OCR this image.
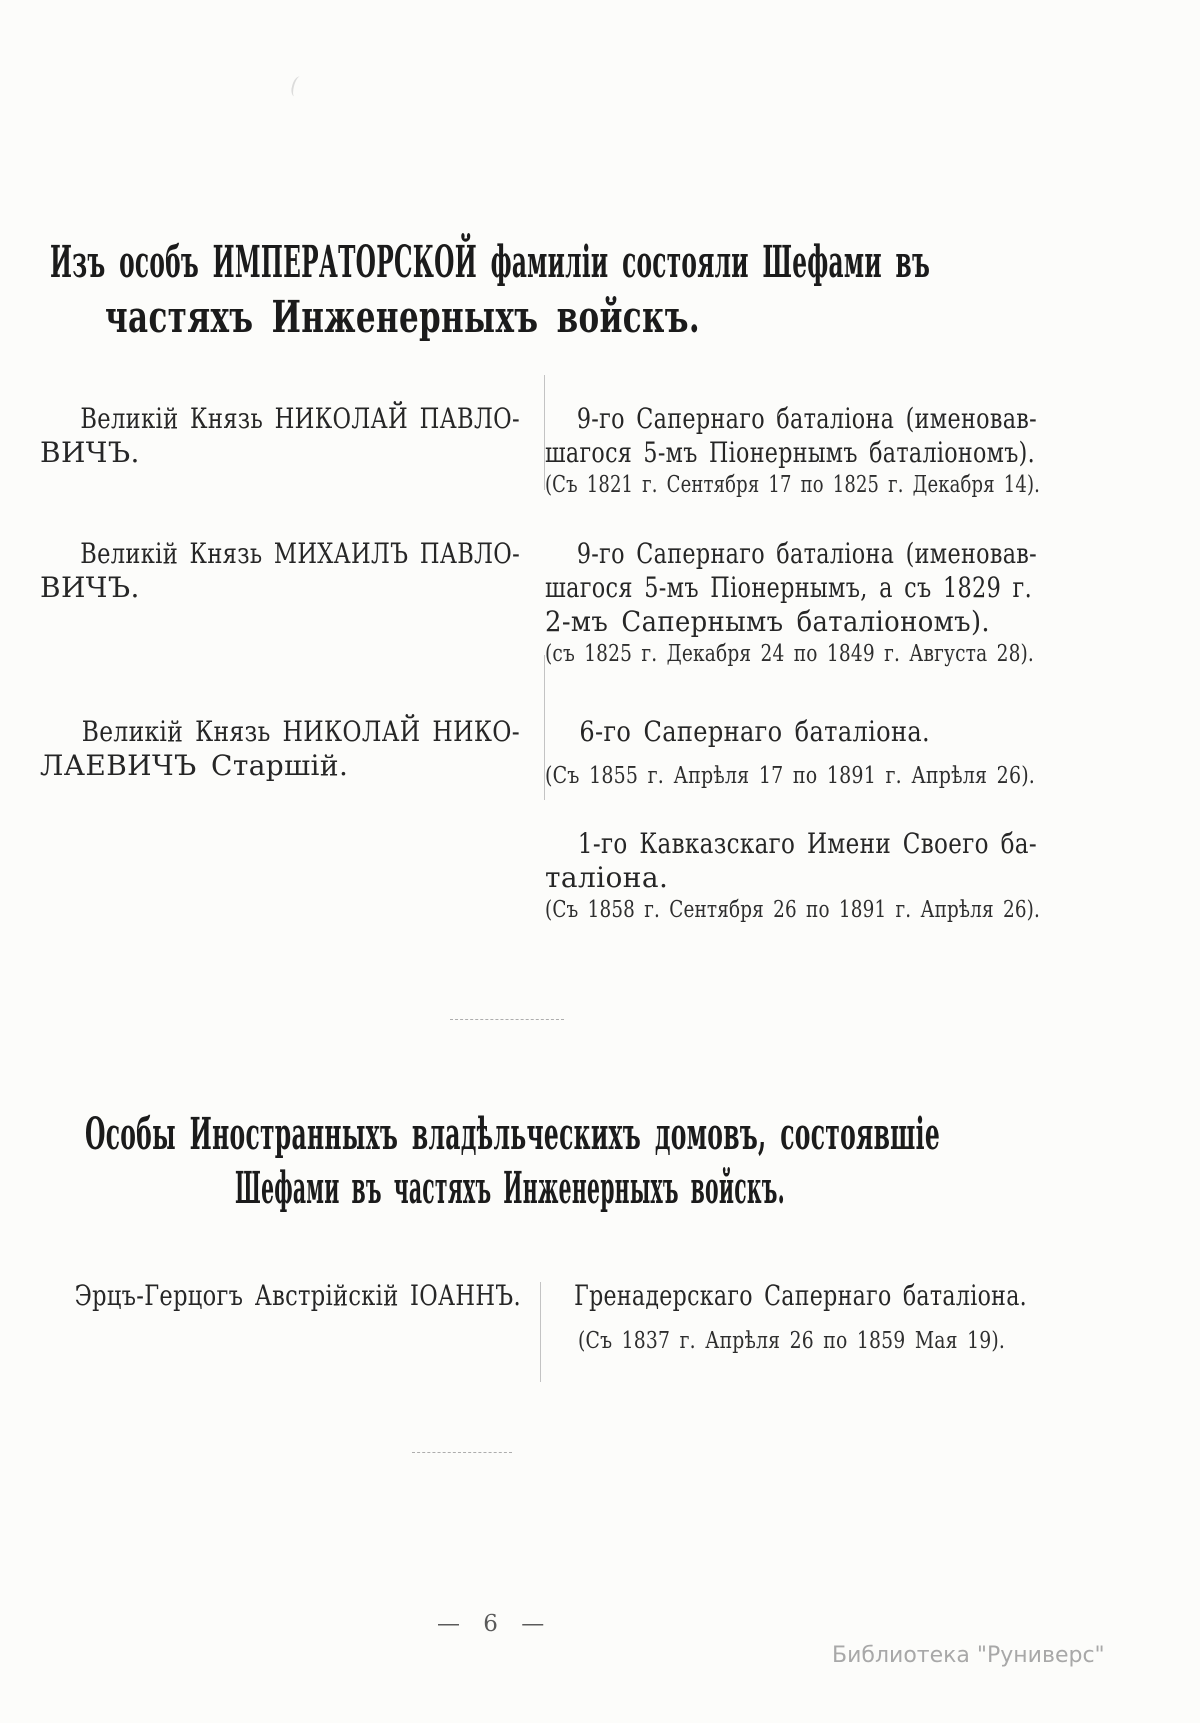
Изъ особъ ИМПЕРАТОРСКОЙ фамиліи состояли Шефами въ
частяхъ Инженерныхъ войскъ.
Великій Князь НИКОЛАЙ ПАВЛО-
ВИЧЪ.
9-го Сапернаго баталіона (именовав-
шагося 5-мъ Піонернымъ баталіономъ).
(Съ 1821 г. Сентября 17 по 1825 г. Декабря 14).
Великій Князь МИХАИЛЪ ПАВЛО-
ВИЧЪ.
9-го Сапернаго баталіона (именовав-
шагося 5-мъ Піонернымъ, а съ 1829 г.
2-мъ Сапернымъ баталіономъ).
(съ 1825 г. Декабря 24 по 1849 г. Августа 28).
Великій Князь НИКОЛАЙ НИКО-
ЛАЕВИЧЪ Старшій.
6-го Сапернаго баталіона.
(Съ 1855 г. Апрѣля 17 по 1891 г. Апрѣля 26).
1-го Кавказскаго Имени Своего ба-
таліона.
(Съ 1858 г. Сентября 26 по 1891 г. Апрѣля 26).
Особы Иностранныхъ владѣльческихъ домовъ, состоявшіе
Шефами въ частяхъ Инженерныхъ войскъ.
Эрцъ-Герцогъ Австрійскій ІОАННЪ.	Гренадерскаго Сапернаго баталіона.
(Съ 1837 г. Апрѣля 26 по 1859 Мая 19).
— 6 —
Библиотека "Руниверс"
